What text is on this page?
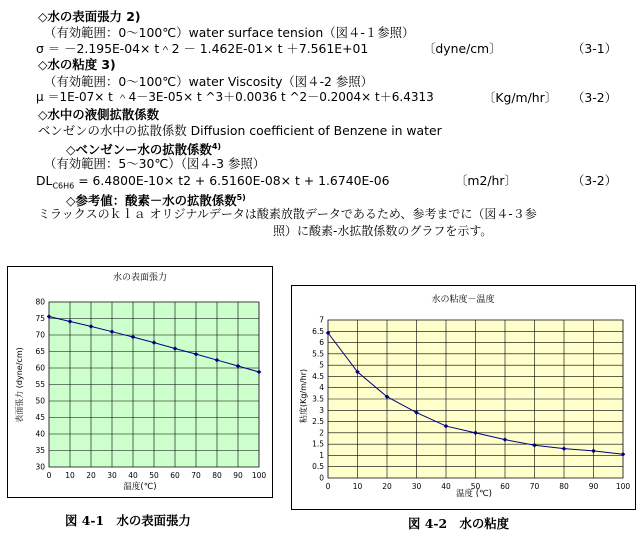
◇水の表面張力 2)
（有効範囲：0～100℃）water surface tension（図４-１参照）
σ ＝ －2.195E-04× t＾2 － 1.462E-01× t ＋7.561E+01	〔dyne/cm〕	（3-1）
◇水の粘度 3)
（有効範囲：0～100℃）water Viscosity（図４-2 参照）
μ ＝1E-07× t ＾4－3E-05× t ^3＋0.0036 t ^2－0.2004× t＋6.4313	〔Kg/m/hr〕 （3-2）
◇水中の液側拡散係数
ベンゼンの水中の拡散係数 Diffusion coefficient of Benzene in water
◇ベンゼンー水の拡散係数$^{4)}$
（有効範囲：5～30℃）（図４-3 参照）
$DL_{C6H6} = 6.4800E-10\times t2 + 6.5160E-08\times t + 1.6740E-06$	〔m2/hr〕	（3-2）
◇参考値：酸素－水の拡散係数$^{5)}$
ミラックスのｋｌａ オリジナルデータは酸素放散データであるため、参考までに（図４-３参
照）に酸素-水拡散係数のグラフを示す。
水の表面張力
温度(℃)
表面張力 (dyne/cm)
0 10 20 30 40 50 60 70 80 90 100
30
35
40
45
50
55
60
65
70
75
80
図 4-1　水の表面張力
水の粘度－温度
温度 (℃)
粘度(Kg/m/hr)
0	10	20	30	40	50	60	70	80	90 100
0
0.5
1
1.5
2
2.5
3
3.5
4
4.5
5
5.5
6
6.5
7
図 4-2　水の粘度
